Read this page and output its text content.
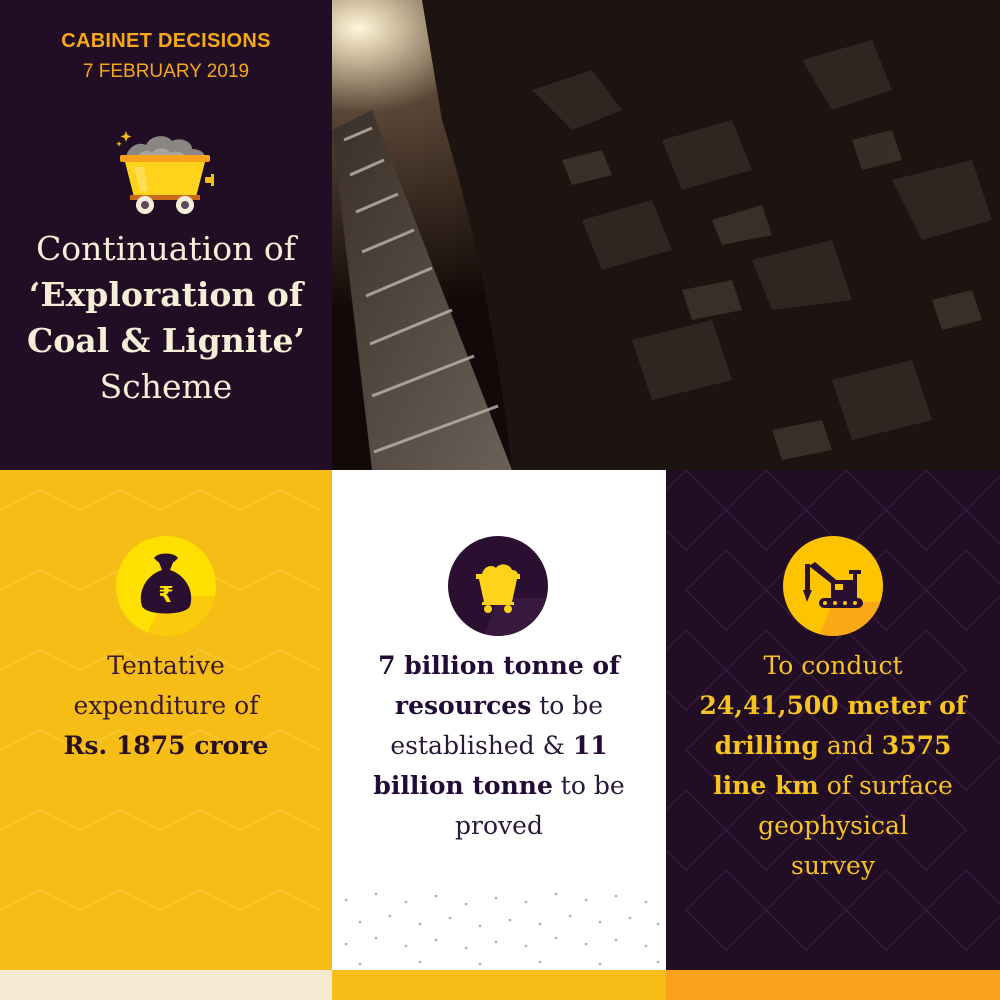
CABINET DECISIONS
7 FEBRUARY 2019
Continuation of
‘Exploration of
Coal & Lignite’
Scheme
₹
Tentative
expenditure of
Rs. 1875 crore
7 billion tonne of
resources to be
established & 11
billion tonne to be
proved
To conduct
24,41,500 meter of
drilling and 3575
line km of surface
geophysical
survey
